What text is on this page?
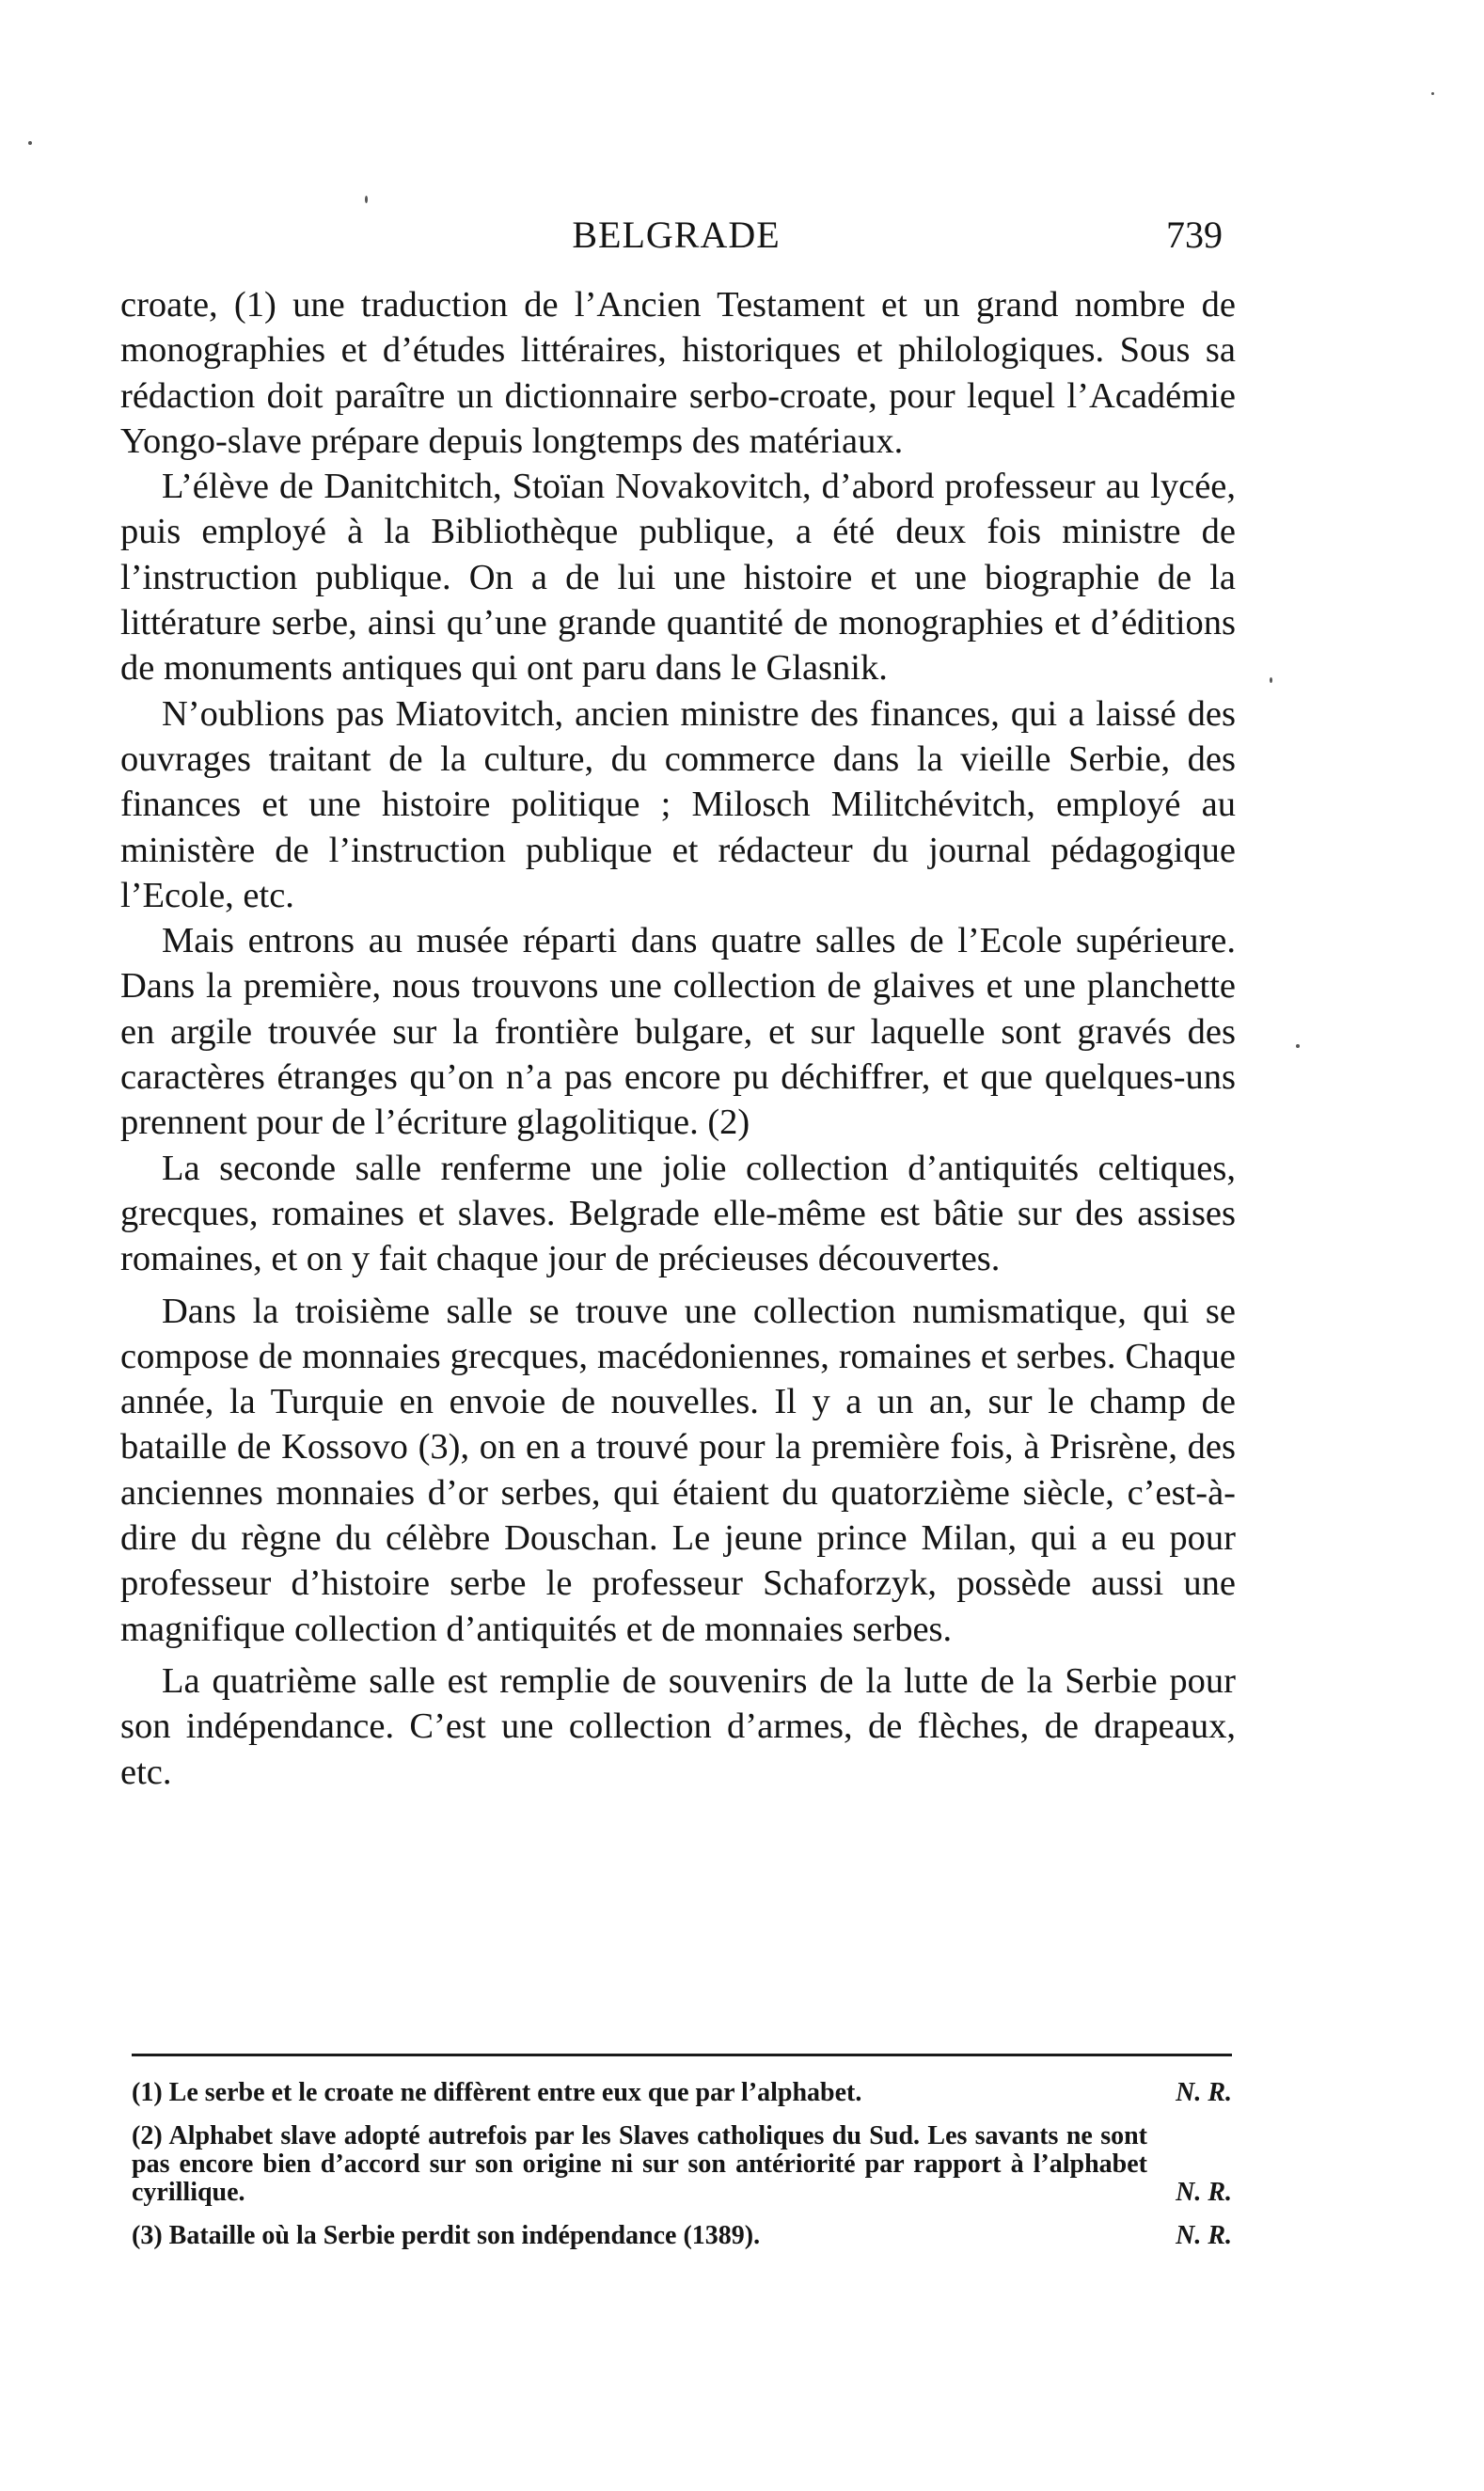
BELGRADE	739

croate, (1) une traduction de l’Ancien Testament et un grand nombre de monographies et d’études littéraires, historiques et philologiques. Sous sa rédaction doit paraître un dictionnaire serbo-croate, pour lequel l’Académie Yongo-slave prépare depuis longtemps des matériaux.

L’élève de Danitchitch, Stoïan Novakovitch, d’abord professeur au lycée, puis employé à la Bibliothèque publique, a été deux fois ministre de l’instruction publique. On a de lui une histoire et une biographie de la littérature serbe, ainsi qu’une grande quantité de monographies et d’éditions de monuments antiques qui ont paru dans le Glasnik.

N’oublions pas Miatovitch, ancien ministre des finances, qui a laissé des ouvrages traitant de la culture, du commerce dans la vieille Serbie, des finances et une histoire politique ; Milosch Militchévitch, employé au ministère de l’instruction publique et rédacteur du journal pédagogique l’Ecole, etc.

Mais entrons au musée réparti dans quatre salles de l’Ecole supérieure. Dans la première, nous trouvons une collection de glaives et une planchette en argile trouvée sur la frontière bulgare, et sur laquelle sont gravés des caractères étranges qu’on n’a pas encore pu déchiffrer, et que quelques-uns prennent pour de l’écriture glagolitique. (2)

La seconde salle renferme une jolie collection d’antiquités celtiques, grecques, romaines et slaves. Belgrade elle-même est bâtie sur des assises romaines, et on y fait chaque jour de précieuses découvertes.

Dans la troisième salle se trouve une collection numismatique, qui se compose de monnaies grecques, macédoniennes, romaines et serbes. Chaque année, la Turquie en envoie de nouvelles. Il y a un an, sur le champ de bataille de Kossovo (3), on en a trouvé pour la première fois, à Prisrène, des anciennes monnaies d’or serbes, qui étaient du quatorzième siècle, c’est-à-dire du règne du célèbre Douschan. Le jeune prince Milan, qui a eu pour professeur d’histoire serbe le professeur Schaforzyk, possède aussi une magnifique collection d’antiquités et de monnaies serbes.

La quatrième salle est remplie de souvenirs de la lutte de la Serbie pour son indépendance. C’est une collection d’armes, de flèches, de drapeaux, etc.

(1) Le serbe et le croate ne diffèrent entre eux que par l’alphabet.	N. R.
(2) Alphabet slave adopté autrefois par les Slaves catholiques du Sud. Les savants ne sont pas encore bien d’accord sur son origine ni sur son antériorité par rapport à l’alphabet cyrillique.	N. R.
(3) Bataille où la Serbie perdit son indépendance (1389).	N. R.
